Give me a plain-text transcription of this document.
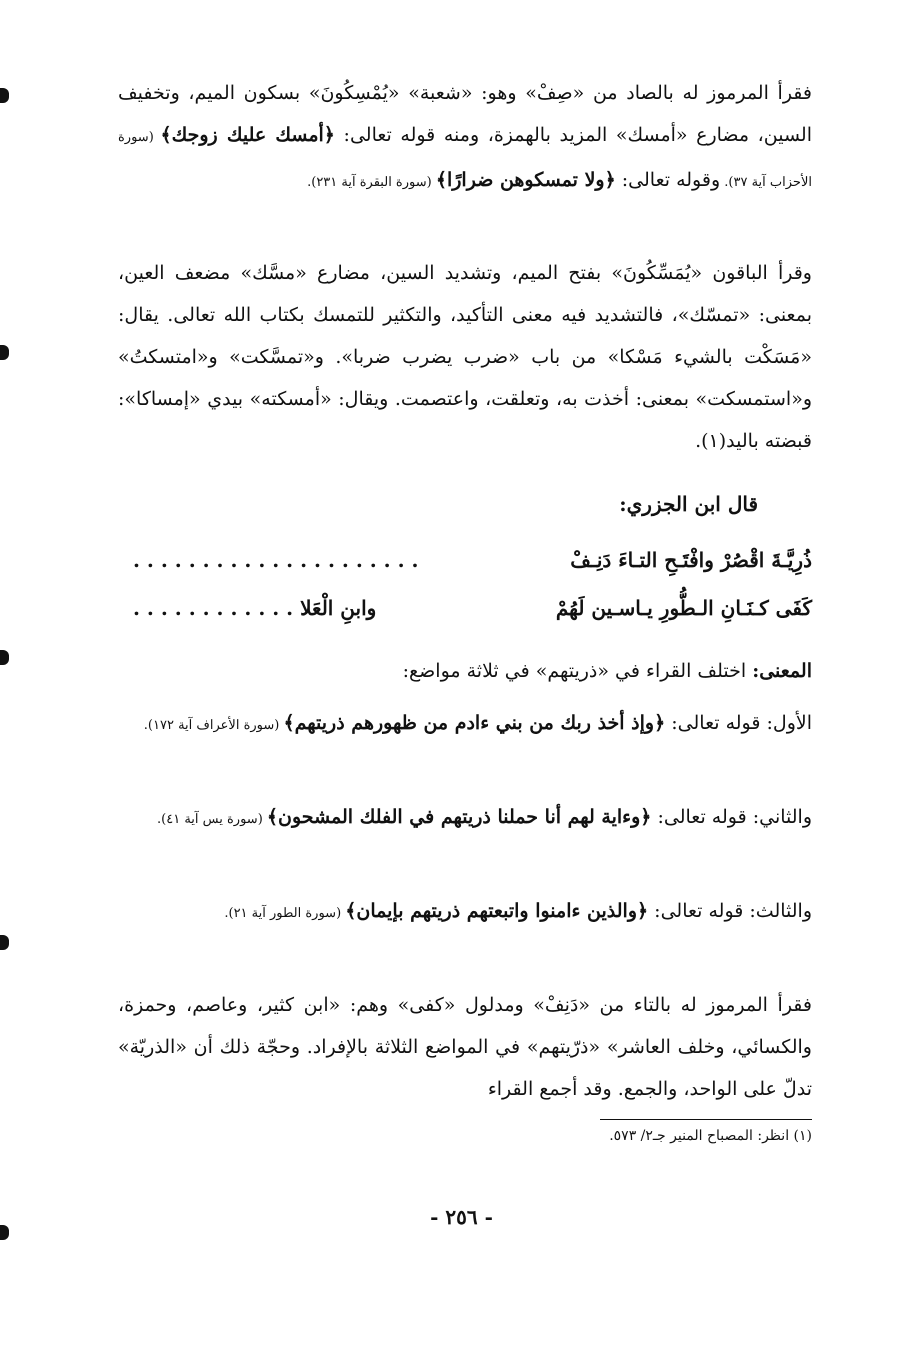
فقرأ المرموز له بالصاد من «صِفْ» وهو: «شعبة» «يُمْسِكُونَ» بسكون الميم، وتخفيف السين، مضارع «أمسك» المزيد بالهمزة، ومنه قوله تعالى: ﴿أمسك عليك زوجك﴾ (سورة الأحزاب آية ٣٧). وقوله تعالى: ﴿ولا تمسكوهن ضرارًا﴾ (سورة البقرة آية ٢٣١).

وقرأ الباقون «يُمَسِّكُونَ» بفتح الميم، وتشديد السين، مضارع «مسَّك» مضعف العين، بمعنى: «تمسّك»، فالتشديد فيه معنى التأكيد، والتكثير للتمسك بكتاب الله تعالى. يقال: «مَسَكْت بالشيء مَسْكا» من باب «ضرب يضرب ضربا». و«تمسَّكت» و«امتسكتُ» و«استمسكت» بمعنى: أخذت به، وتعلقت، واعتصمت. ويقال: «أمسكته» بيدي «إمساكا»: قبضته باليد(١).

قال ابن الجزري:
ذُرِيَّـةَ اقْصُرْ وافْتَـحِ التـاءَ دَنِـفْ
. . . . . . . . . . . . . . . . . . . . .
كَفَى كـنَـانِ الـطُّورِ يـاسـين لَهُمْ
وابنِ الْعَلا . . . . . . . . . . . .

المعنى: اختلف القراء في «ذريتهم» في ثلاثة مواضع:

الأول: قوله تعالى: ﴿وإذ أخذ ربك من بني ءادم من ظهورهم ذريتهم﴾ (سورة الأعراف آية ١٧٢).

والثاني: قوله تعالى: ﴿وءاية لهم أنا حملنا ذريتهم في الفلك المشحون﴾ (سورة يس آية ٤١).

والثالث: قوله تعالى: ﴿والذين ءامنوا واتبعتهم ذريتهم بإيمان﴾ (سورة الطور آية ٢١).

فقرأ المرموز له بالتاء من «دَنِفْ» ومدلول «كفى» وهم: «ابن كثير، وعاصم، وحمزة، والكسائي، وخلف العاشر» «ذرّيتهم» في المواضع الثلاثة بالإفراد. وحجّة ذلك أن «الذريّة» تدلّ على الواحد، والجمع. وقد أجمع القراء

(١) انظر: المصباح المنير جـ٢/ ٥٧٣.
- ٢٥٦ -
